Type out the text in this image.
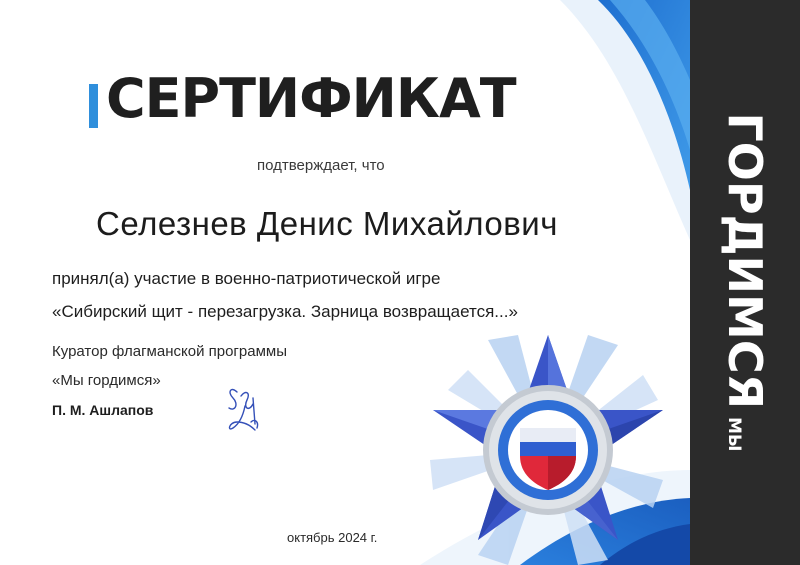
ГОРДИМСЯ
МЫ
СЕРТИФИКАТ
подтверждает, что
Селезнев Денис Михайлович
принял(а) участие в военно-патриотической игре
«Сибирский щит - перезагрузка. Зарница возвращается...»
Куратор флагманской программы
«Мы гордимся»
П. М. Ашлапов
октябрь 2024 г.
